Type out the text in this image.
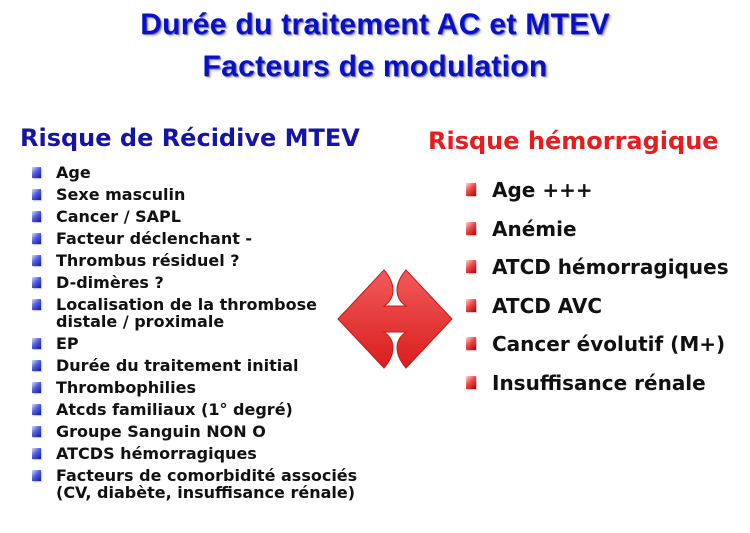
Durée du traitement AC et MTEV
Facteurs de modulation
Risque de Récidive MTEV
Age
Sexe masculin
Cancer / SAPL
Facteur déclenchant -
Thrombus résiduel ?
D-dimères ?
Localisation de la thrombose distale / proximale
EP
Durée du traitement initial
Thrombophilies
Atcds familiaux (1° degré)
Groupe Sanguin NON O
ATCDS hémorragiques
Facteurs de comorbidité associés (CV, diabète, insuffisance rénale)
Risque hémorragique
Age +++
Anémie
ATCD hémorragiques
ATCD AVC
Cancer évolutif (M+)
Insuffisance rénale
